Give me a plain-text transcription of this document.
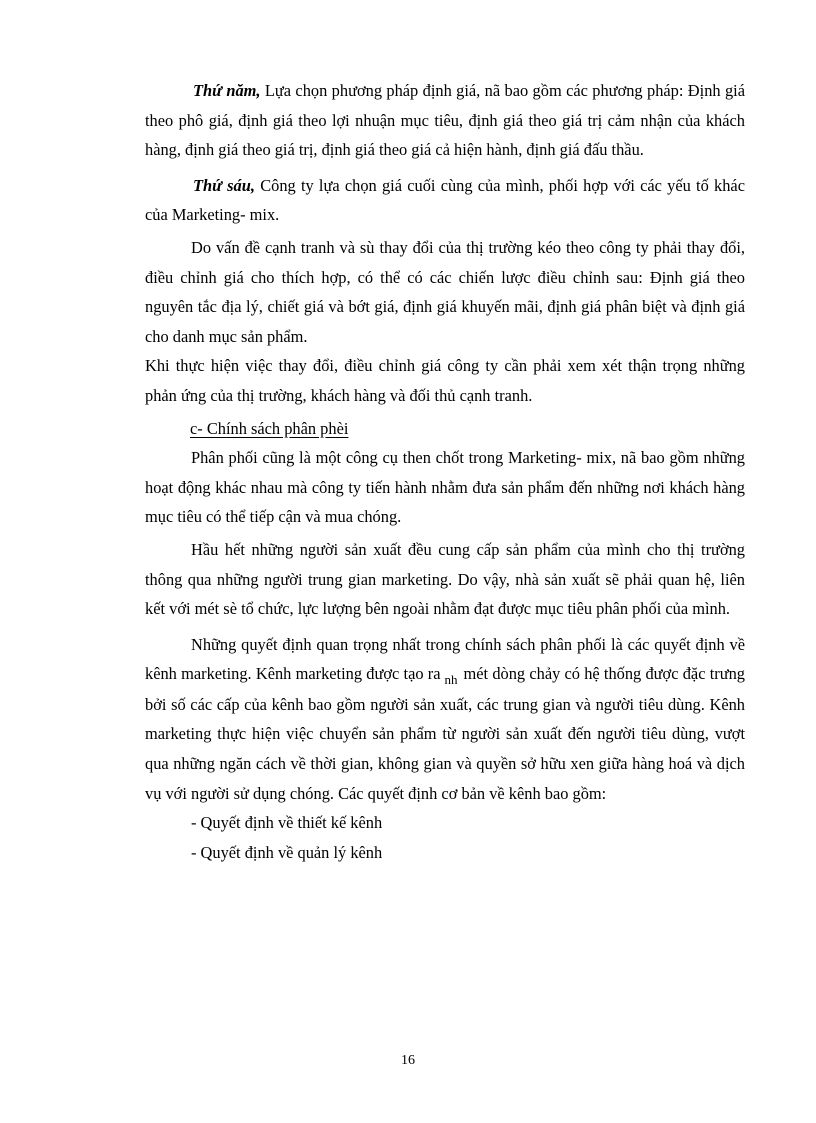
Thứ năm, Lựa chọn phương pháp định giá, nã bao gồm các phương pháp: Định giá theo phô giá, định giá theo lợi nhuận mục tiêu, định giá theo giá trị cảm nhận của khách hàng, định giá theo giá trị, định giá theo giá cả hiện hành, định giá đấu thầu.

Thứ sáu, Công ty lựa chọn giá cuối cùng của mình, phối hợp với các yếu tố khác của Marketing- mix.

Do vấn đề cạnh tranh và sù thay đổi của thị trường kéo theo công ty phải thay đổi, điều chỉnh giá cho thích hợp, có thể có các chiến lược điều chỉnh sau: Định giá theo nguyên tắc địa lý, chiết giá và bớt giá, định giá khuyến mãi, định giá phân biệt và định giá cho danh mục sản phẩm.

Khi thực hiện việc thay đổi, điều chỉnh giá công ty cần phải xem xét thận trọng những phản ứng của thị trường, khách hàng và đối thủ cạnh tranh.

c- Chính sách phân phèi

Phân phối cũng là một công cụ then chốt trong Marketing- mix, nã bao gồm những hoạt động khác nhau mà công ty tiến hành nhằm đưa sản phẩm đến những nơi khách hàng mục tiêu có thể tiếp cận và mua chóng.

Hầu hết những người sản xuất đều cung cấp sản phẩm của mình cho thị trường thông qua những người trung gian marketing. Do vậy, nhà sản xuất sẽ phải quan hệ, liên kết với mét sè tổ chức, lực lượng bên ngoài nhằm đạt được mục tiêu phân phối của mình.

Những quyết định quan trọng nhất trong chính sách phân phối là các quyết định về kênh marketing. Kênh marketing được tạo ra $_{nh}$ mét dòng chảy có hệ thống được đặc trưng bởi số các cấp của kênh bao gồm người sản xuất, các trung gian và người tiêu dùng. Kênh marketing thực hiện việc chuyển sản phẩm từ người sản xuất đến người tiêu dùng, vượt qua những ngăn cách về thời gian, không gian và quyền sở hữu xen giữa hàng hoá và dịch vụ với người sử dụng chóng. Các quyết định cơ bản về kênh bao gồm:

- Quyết định về thiết kế kênh

- Quyết định về quản lý kênh

16
